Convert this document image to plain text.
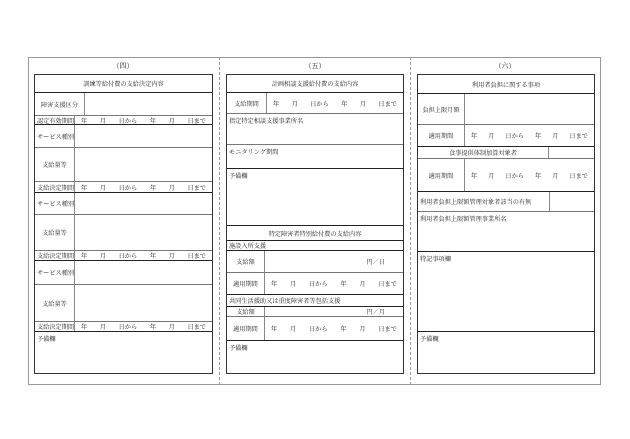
（四）	（五）	（六）
訓練等給付費の支給決定内容
障害支援区分
認定有効期間 年 月 日から 年 月 日まで
サービス種別
支給量等
支給決定期間 年 月 日から 年 月 日まで
サービス種別
支給量等
支給決定期間 年 月 日から 年 月 日まで
サービス種別
支給量等
支給決定期間 年 月 日から 年 月 日まで
予備欄
計画相談支援給付費の支給内容
支給期間	年 月 日から 年 月 日まで
指定特定相談支援事業所名
モニタリング期間
予備欄
特定障害者特別給付費の支給内容
施設入所支援
支給額	円／日
適用期間	年 月 日から 年 月 日まで
共同生活援助又は重度障害者等包括支援
支給額	円／月
適用期間	年 月 日から 年 月 日まで
予備欄
利用者負担に関する事項
負担上限月額
適用期間	年 月 日から 年 月 日まで
食事提供体制加算対象者
適用期間	年 月 日から 年 月 日まで
利用者負担上限額管理対象者該当の有無
利用者負担上限額管理事業所名
特記事項欄
予備欄
